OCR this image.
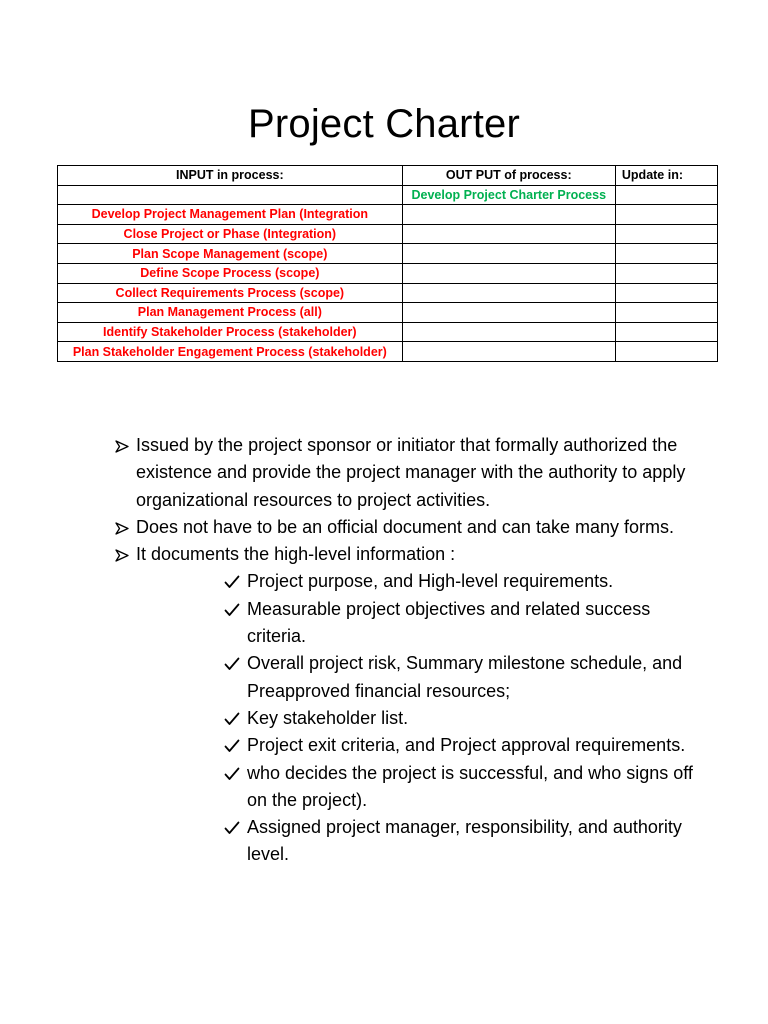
Project Charter
INPUT in process:	OUT PUT of process:	Update in:
	Develop Project Charter Process	
Develop Project Management Plan (Integration		
Close Project or Phase (Integration)		
Plan Scope Management (scope)		
Define Scope Process (scope)		
Collect Requirements Process (scope)		
Plan Management Process (all)		
Identify Stakeholder Process (stakeholder)		
Plan Stakeholder Engagement Process (stakeholder)		
Issued by the project sponsor or initiator that formally authorized the existence and provide the project manager with the authority to apply organizational resources to project activities.
Does not have to be an official document and can take many forms.
It documents the high-level information :
Project purpose, and High-level requirements.
Measurable project objectives and related success criteria.
Overall project risk, Summary milestone schedule, and Preapproved financial resources;
Key stakeholder list.
Project exit criteria, and Project approval requirements.
who decides the project is successful, and who signs off on the project).
Assigned project manager, responsibility, and authority level.
